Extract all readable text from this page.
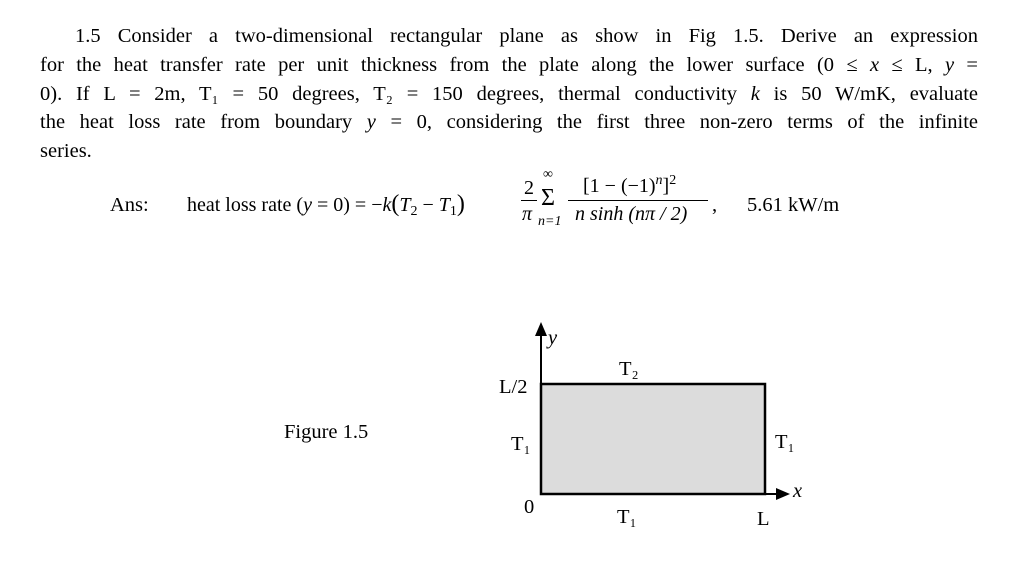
1.5 Consider a two-dimensional rectangular plane as show in Fig 1.5. Derive an expression
for the heat transfer rate per unit thickness from the plate along the lower surface (0 ≤ x ≤ L, y =
0). If L = 2m, T₁ = 50 degrees, T₂ = 150 degrees, thermal conductivity k is 50 W/mK, evaluate
the heat loss rate from boundary y = 0, considering the first three non-zero terms of the infinite
series.
Ans: heat loss rate $(y = 0) = -k(T_2 - T_1)$
2
π
∞
Σ
n=1
$[1 - (-1)^n]^2$
n sinh (nπ / 2) , 5.61 kW/m
Figure 1.5
y
x
T₂
T₁	T₁
T₁
L/2
0
L
